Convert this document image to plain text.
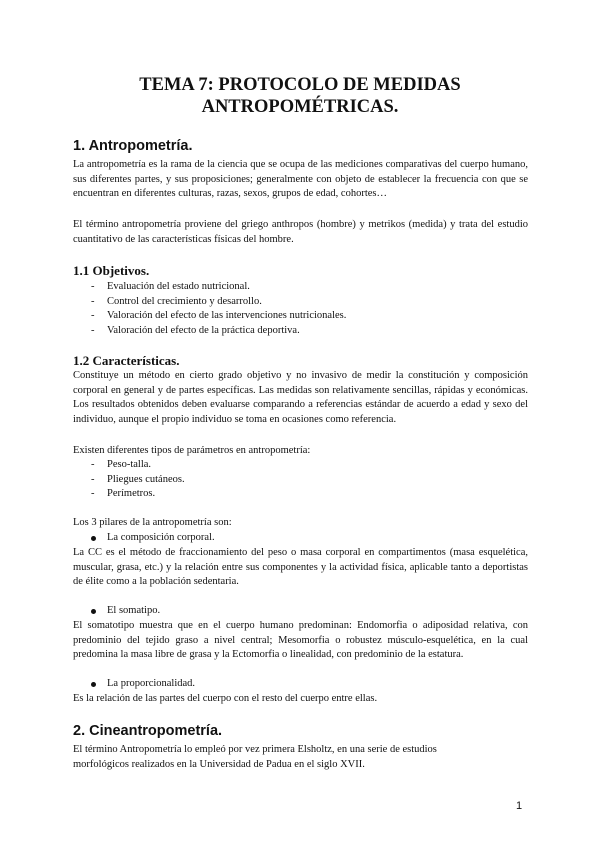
TEMA 7: PROTOCOLO DE MEDIDAS
ANTROPOMÉTRICAS.
1. Antropometría.

La antropometría es la rama de la ciencia que se ocupa de las mediciones comparativas del cuerpo humano, sus diferentes partes, y sus proposiciones; generalmente con objeto de establecer la frecuencia con que se encuentran en diferentes culturas, razas, sexos, grupos de edad, cohortes…

El término antropometría proviene del griego anthropos (hombre) y metrikos (medida) y trata del estudio cuantitativo de las características físicas del hombre.

1.1 Objetivos.
- Evaluación del estado nutricional.
- Control del crecimiento y desarrollo.
- Valoración del efecto de las intervenciones nutricionales.
- Valoración del efecto de la práctica deportiva.
1.2 Características.

Constituye un método en cierto grado objetivo y no invasivo de medir la constitución y composición corporal en general y de partes específicas. Las medidas son relativamente sencillas, rápidas y económicas. Los resultados obtenidos deben evaluarse comparando a referencias estándar de acuerdo a edad y sexo del individuo, aunque el propio individuo se toma en ocasiones como referencia.

Existen diferentes tipos de parámetros en antropometría:

- Peso-talla.
- Pliegues cutáneos.
- Perímetros.

Los 3 pilares de la antropometría son:

La composición corporal.

La CC es el método de fraccionamiento del peso o masa corporal en compartimentos (masa esquelética, muscular, grasa, etc.) y la relación entre sus componentes y la actividad física, aplicable tanto a deportistas de élite como a la población sedentaria.

El somatipo.

El somatotipo muestra que en el cuerpo humano predominan: Endomorfia o adiposidad relativa, con predominio del tejido graso a nivel central; Mesomorfia o robustez músculo-esquelética, en la cual predomina la masa libre de grasa y la Ectomorfia o linealidad, con predominio de la estatura.

La proporcionalidad.

Es la relación de las partes del cuerpo con el resto del cuerpo entre ellas.

2. Cineantropometría.

El término Antropometría lo empleó por vez primera Elsholtz, en una serie de estudios morfológicos realizados en la Universidad de Padua en el siglo XVII.

1
